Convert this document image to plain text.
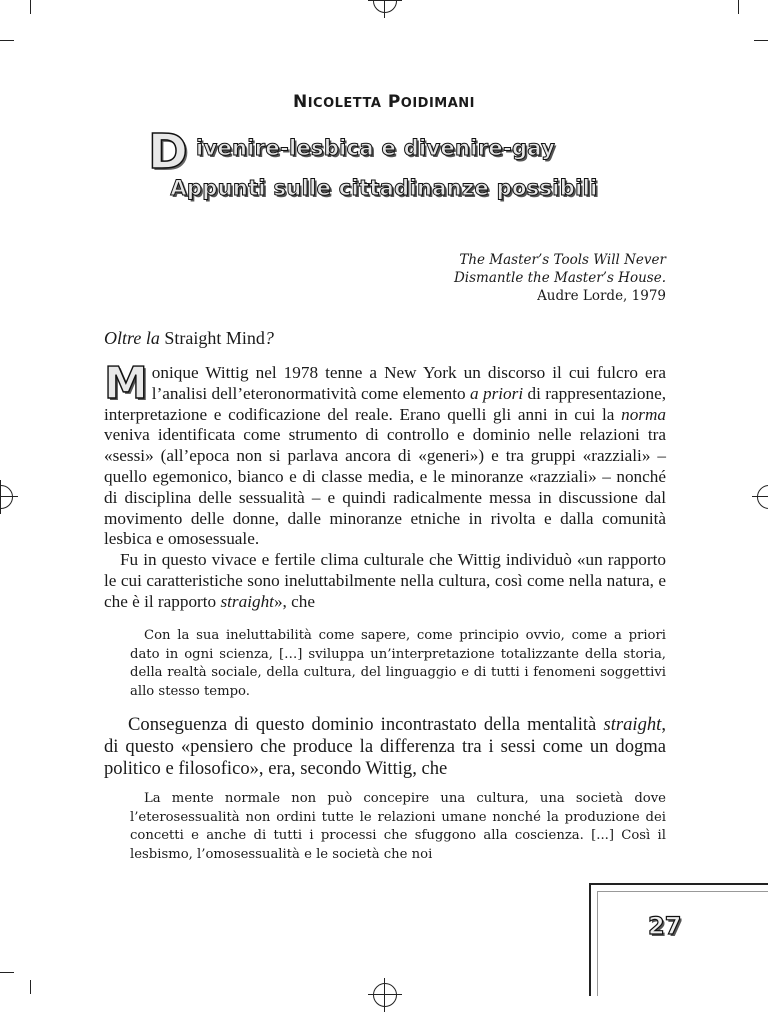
NICOLETTA POIDIMANI
D ivenire-lesbica e divenire-gay
Appunti sulle cittadinanze possibili
The Master’s Tools Will Never
Dismantle the Master’s House.
Audre Lorde, 1979
Oltre la Straight Mind?

Monique Wittig nel 1978 tenne a New York un discorso il cui fulcro era l’analisi dell’eteronormatività come elemento a priori di rappresentazione, interpretazione e codificazione del reale. Erano quelli gli anni in cui la norma veniva identificata come strumento di controllo e dominio nelle relazioni tra «sessi» (all’epoca non si parlava ancora di «generi») e tra gruppi «razziali» – quello egemonico, bianco e di classe media, e le minoranze «razziali» – nonché di disciplina delle sessualità – e quindi radicalmente messa in discussione dal movimento delle donne, dalle minoranze etniche in rivolta e dalla comunità lesbica e omosessuale.

Fu in questo vivace e fertile clima culturale che Wittig individuò «un rapporto le cui caratteristiche sono ineluttabilmente nella cultura, così come nella natura, e che è il rapporto straight», che

Con la sua ineluttabilità come sapere, come principio ovvio, come a priori dato in ogni scienza, […] sviluppa un’interpretazione totalizzante della storia, della realtà sociale, della cultura, del linguaggio e di tutti i fenomeni soggettivi allo stesso tempo.

Conseguenza di questo dominio incontrastato della mentalità straight, di questo «pensiero che produce la differenza tra i sessi come un dogma politico e filosofico», era, secondo Wittig, che

La mente normale non può concepire una cultura, una società dove l’eterosessualità non ordini tutte le relazioni umane nonché la produzione dei concetti e anche di tutti i processi che sfuggono alla coscienza. [...] Così il lesbismo, l’omosessualità e le società che noi

27
